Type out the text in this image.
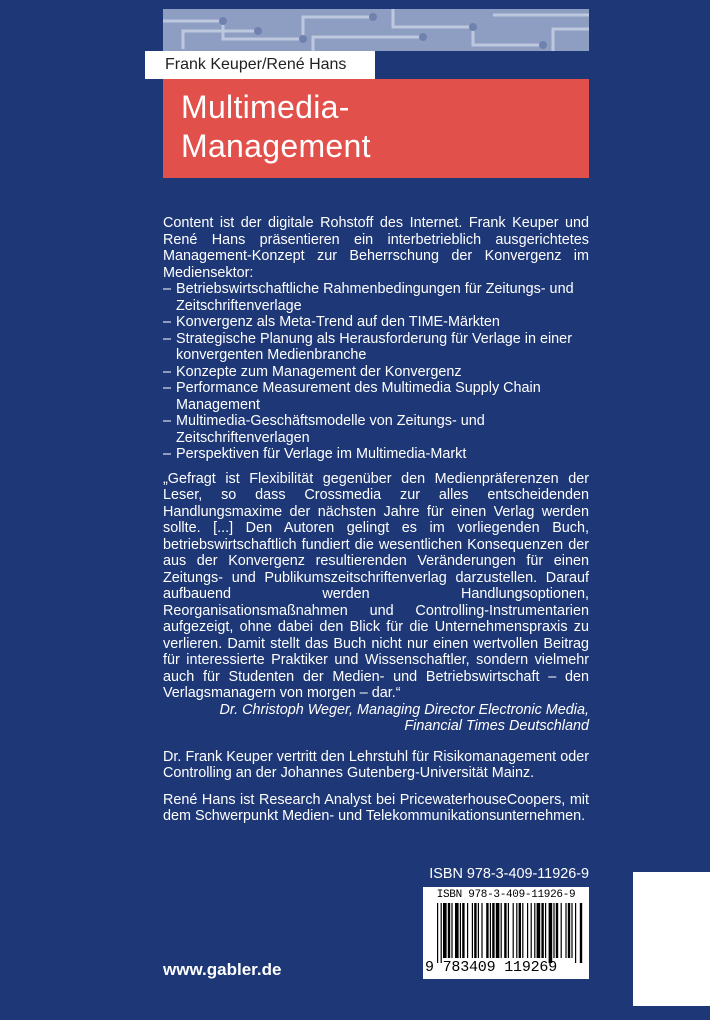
Frank Keuper/René Hans
Multimedia-
Management

Content ist der digitale Rohstoff des Internet. Frank Keuper und René Hans präsentieren ein interbetrieblich ausgerichtetes Management-Konzept zur Beherrschung der Konvergenz im Mediensektor:

– Betriebswirtschaftliche Rahmenbedingungen für Zeitungs- und Zeitschriftenverlage
– Konvergenz als Meta-Trend auf den TIME-Märkten
– Strategische Planung als Herausforderung für Verlage in einer konvergenten Medienbranche
– Konzepte zum Management der Konvergenz
– Performance Measurement des Multimedia Supply Chain Management
– Multimedia-Geschäftsmodelle von Zeitungs- und Zeitschriftenverlagen
– Perspektiven für Verlage im Multimedia-Markt

„Gefragt ist Flexibilität gegenüber den Medienpräferenzen der Leser, so dass Crossmedia zur alles entscheidenden Handlungsmaxime der nächsten Jahre für einen Verlag werden sollte. [...] Den Autoren gelingt es im vorliegenden Buch, betriebswirtschaftlich fundiert die wesentlichen Konsequenzen der aus der Konvergenz resultierenden Veränderungen für einen Zeitungs- und Publikumszeitschriftenverlag darzustellen. Darauf aufbauend werden Handlungsoptionen, Reorganisationsmaßnahmen und Controlling-Instrumentarien aufgezeigt, ohne dabei den Blick für die Unternehmenspraxis zu verlieren. Damit stellt das Buch nicht nur einen wertvollen Beitrag für interessierte Praktiker und Wissenschaftler, sondern vielmehr auch für Studenten der Medien- und Betriebswirtschaft – den Verlagsmanagern von morgen – dar.“

Dr. Christoph Weger, Managing Director Electronic Media,
Financial Times Deutschland

Dr. Frank Keuper vertritt den Lehrstuhl für Risikomanagement oder Controlling an der Johannes Gutenberg-Universität Mainz.

René Hans ist Research Analyst bei PricewaterhouseCoopers, mit dem Schwerpunkt Medien- und Telekommunikationsunternehmen.

ISBN 978-3-409-11926-9
ISBN 978-3-409-11926-9
9 783409 119269
www.gabler.de
